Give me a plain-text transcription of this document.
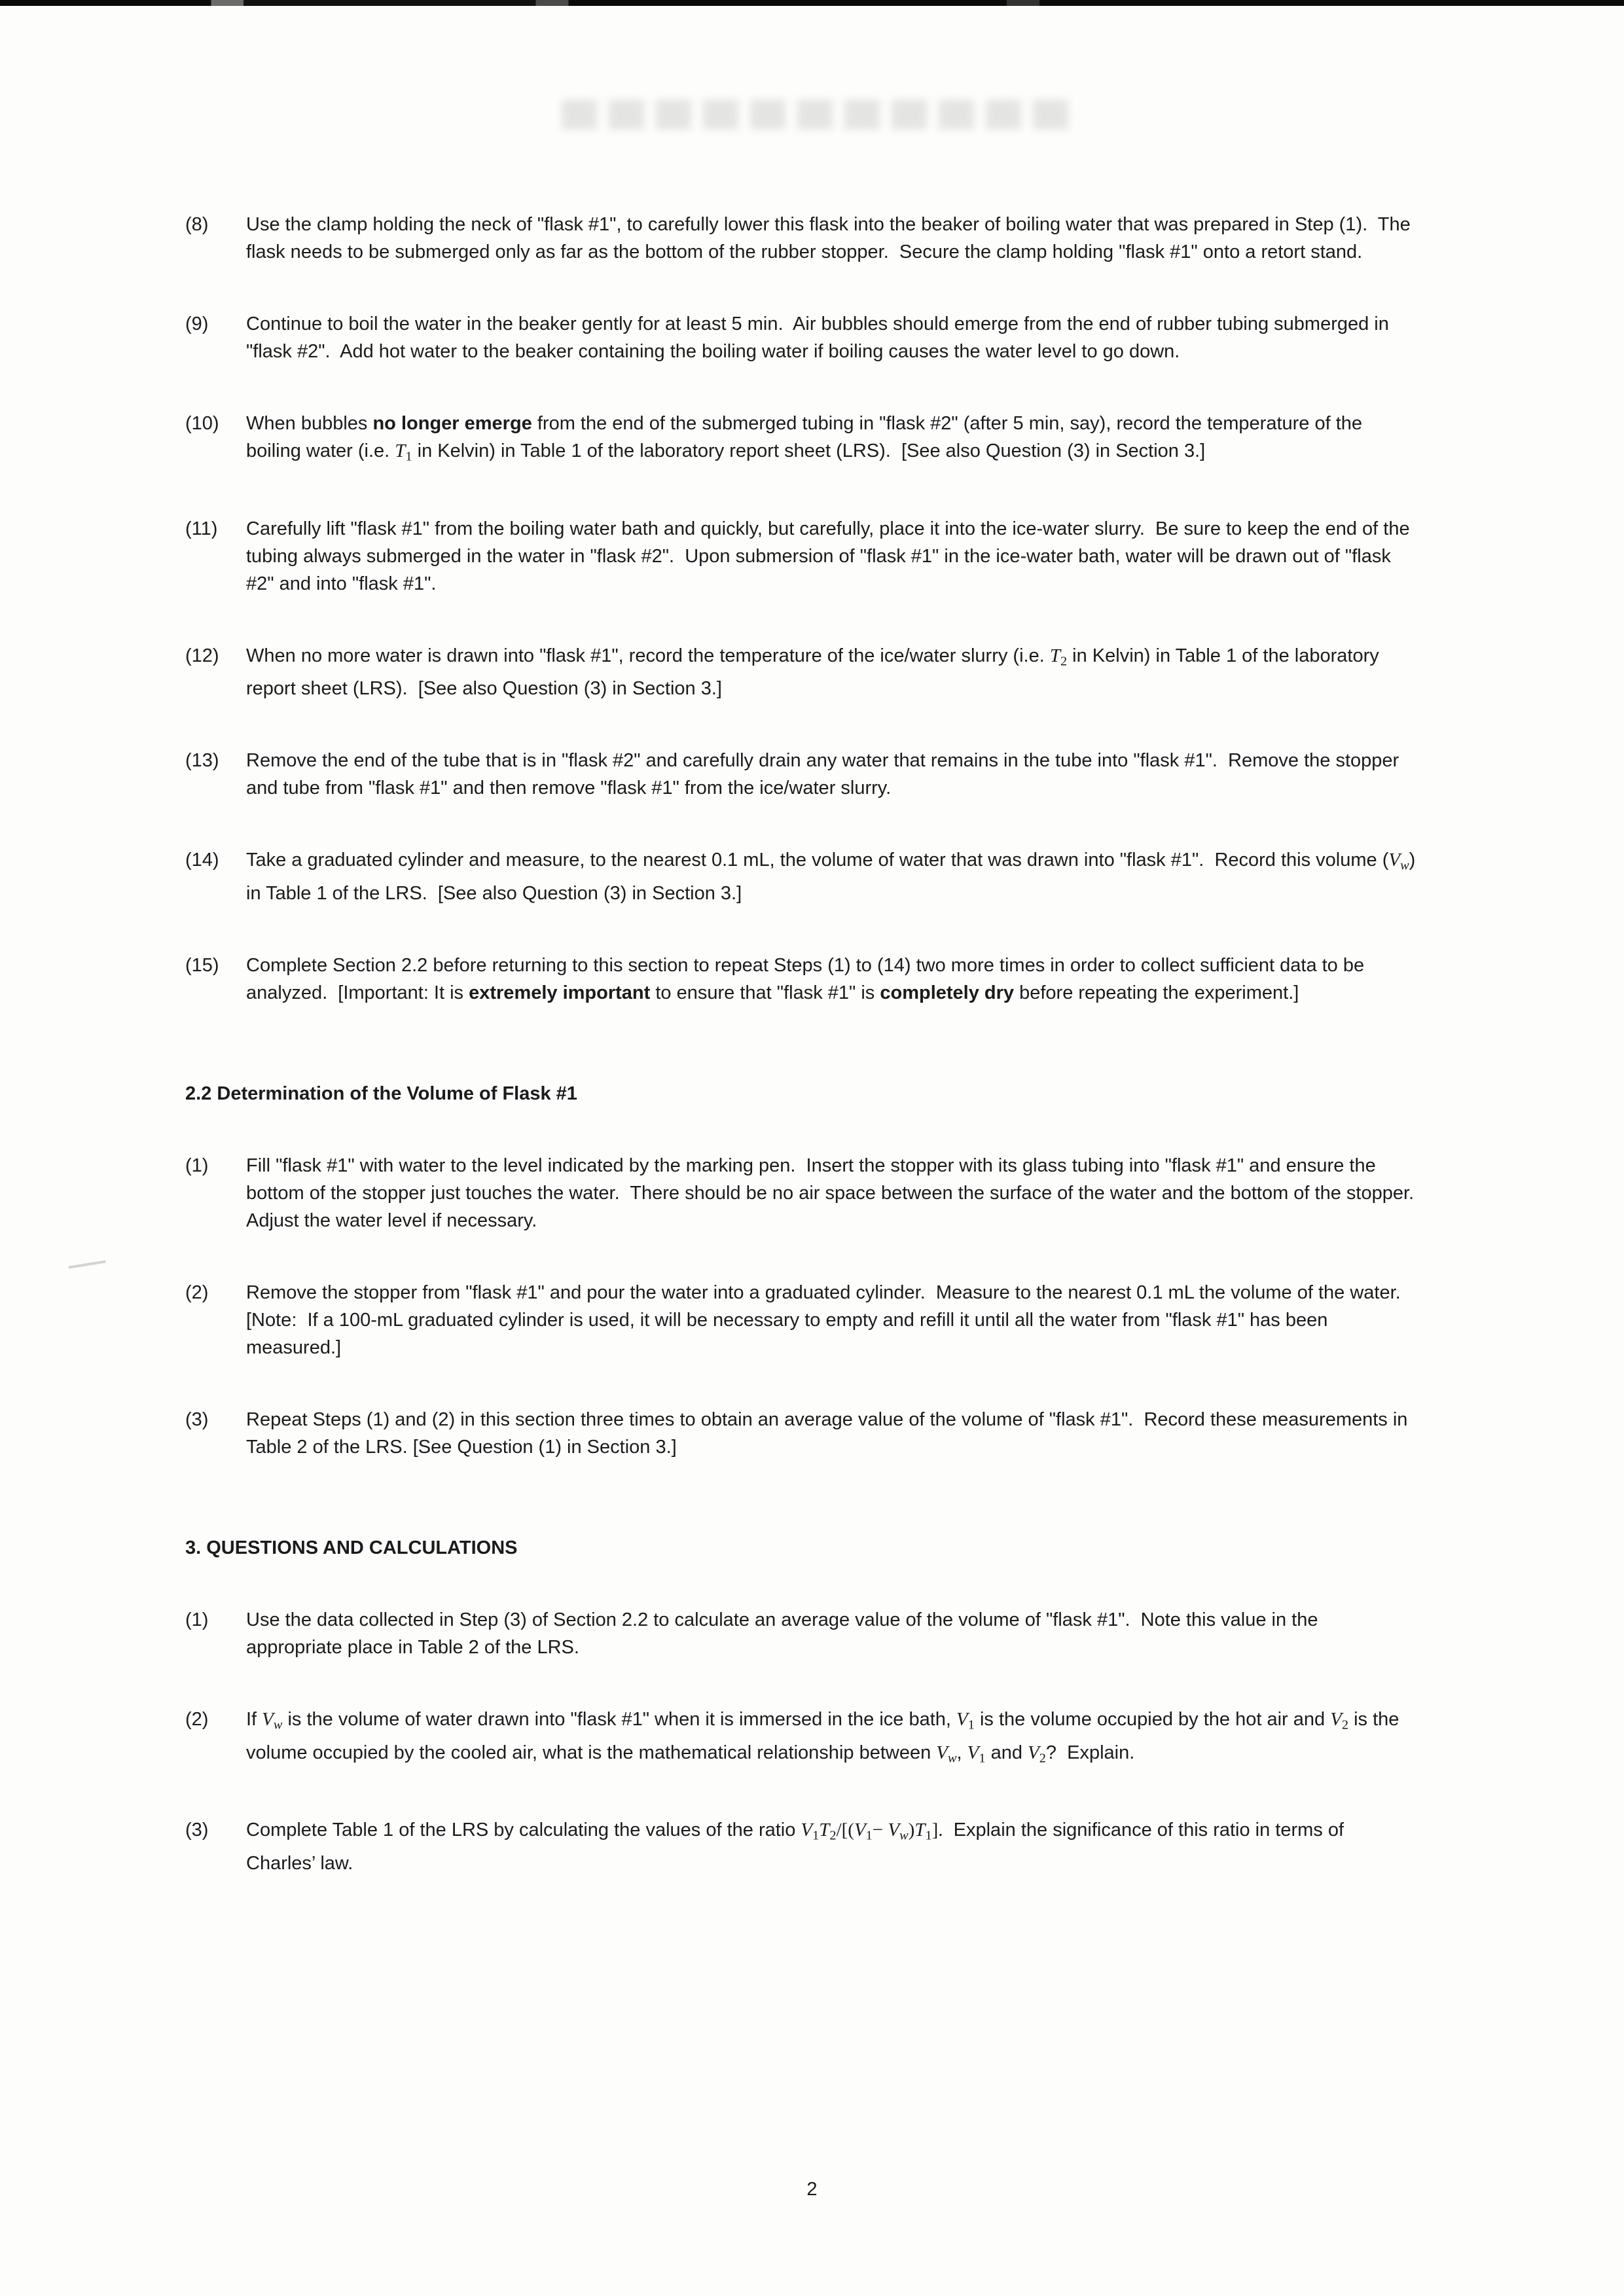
(8)	Use the clamp holding the neck of "flask #1", to carefully lower this flask into the beaker of boiling water that was prepared in Step (1).  The flask needs to be submerged only as far as the bottom of the rubber stopper.  Secure the clamp holding "flask #1" onto a retort stand.
(9)	Continue to boil the water in the beaker gently for at least 5 min.  Air bubbles should emerge from the end of rubber tubing submerged in "flask #2".  Add hot water to the beaker containing the boiling water if boiling causes the water level to go down.
(10)	When bubbles no longer emerge from the end of the submerged tubing in "flask #2" (after 5 min, say), record the temperature of the boiling water (i.e. T1 in Kelvin) in Table 1 of the laboratory report sheet (LRS).  [See also Question (3) in Section 3.]
(11)	Carefully lift "flask #1" from the boiling water bath and quickly, but carefully, place it into the ice-water slurry.  Be sure to keep the end of the tubing always submerged in the water in "flask #2".  Upon submersion of "flask #1" in the ice-water bath, water will be drawn out of "flask #2" and into "flask #1".
(12)	When no more water is drawn into "flask #1", record the temperature of the ice/water slurry (i.e. T2 in Kelvin) in Table 1 of the laboratory report sheet (LRS).  [See also Question (3) in Section 3.]
(13)	Remove the end of the tube that is in "flask #2" and carefully drain any water that remains in the tube into "flask #1".  Remove the stopper and tube from "flask #1" and then remove "flask #1" from the ice/water slurry.
(14)	Take a graduated cylinder and measure, to the nearest 0.1 mL, the volume of water that was drawn into "flask #1".  Record this volume (Vw) in Table 1 of the LRS.  [See also Question (3) in Section 3.]
(15)	Complete Section 2.2 before returning to this section to repeat Steps (1) to (14) two more times in order to collect sufficient data to be analyzed.  [Important: It is extremely important to ensure that "flask #1" is completely dry before repeating the experiment.]
2.2 Determination of the Volume of Flask #1
(1)	Fill "flask #1" with water to the level indicated by the marking pen.  Insert the stopper with its glass tubing into "flask #1" and ensure the bottom of the stopper just touches the water.  There should be no air space between the surface of the water and the bottom of the stopper.  Adjust the water level if necessary.
(2)	Remove the stopper from "flask #1" and pour the water into a graduated cylinder.  Measure to the nearest 0.1 mL the volume of the water.  [Note:  If a 100-mL graduated cylinder is used, it will be necessary to empty and refill it until all the water from "flask #1" has been measured.]
(3)	Repeat Steps (1) and (2) in this section three times to obtain an average value of the volume of "flask #1".  Record these measurements in Table 2 of the LRS. [See Question (1) in Section 3.]
3. QUESTIONS AND CALCULATIONS
(1)	Use the data collected in Step (3) of Section 2.2 to calculate an average value of the volume of "flask #1".  Note this value in the appropriate place in Table 2 of the LRS.
(2)	If Vw is the volume of water drawn into "flask #1" when it is immersed in the ice bath, V1 is the volume occupied by the hot air and V2 is the volume occupied by the cooled air, what is the mathematical relationship between Vw, V1 and V2?  Explain.
(3)	Complete Table 1 of the LRS by calculating the values of the ratio V1T2/[(V1− Vw)T1].  Explain the significance of this ratio in terms of Charles’ law.
2
